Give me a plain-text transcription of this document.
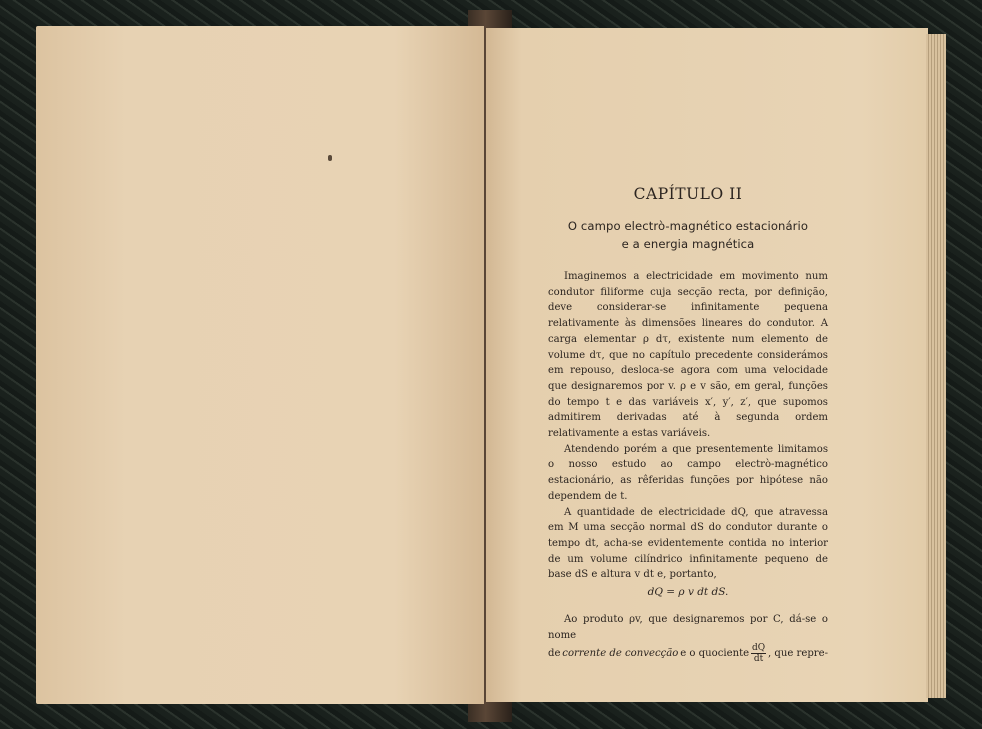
CAPÍTULO II
O campo electrò-magnético estacionário
e a energia magnética

Imaginemos a electricidade em movimento num condutor filiforme cuja secção recta, por definição, deve considerar-se infinitamente pequena relativamente às dimensões lineares do condutor. A carga elementar ρ dτ, existente num elemento de volume dτ, que no capítulo precedente considerámos em repouso, desloca-se agora com uma velocidade que designaremos por v. ρ e v são, em geral, funções do tempo t e das variáveis x′, y′, z′, que supomos admitirem derivadas até à segunda ordem relativamente a estas variáveis.

Atendendo porém a que presentemente limitamos o nosso estudo ao campo electrò-magnético estacionário, as rêferidas funções por hipótese não dependem de t.

A quantidade de electricidade dQ, que atravessa em M uma secção normal dS do condutor durante o tempo dt, acha-se evidentemente contida no interior de um volume cilíndrico infinitamente pequeno de base dS e altura v dt e, portanto,

dQ = ρ v dt dS.

Ao produto ρv, que designaremos por C, dá-se o nome

de corrente de convecção e o quociente $\frac{dQ}{dt}$ , que repre-
